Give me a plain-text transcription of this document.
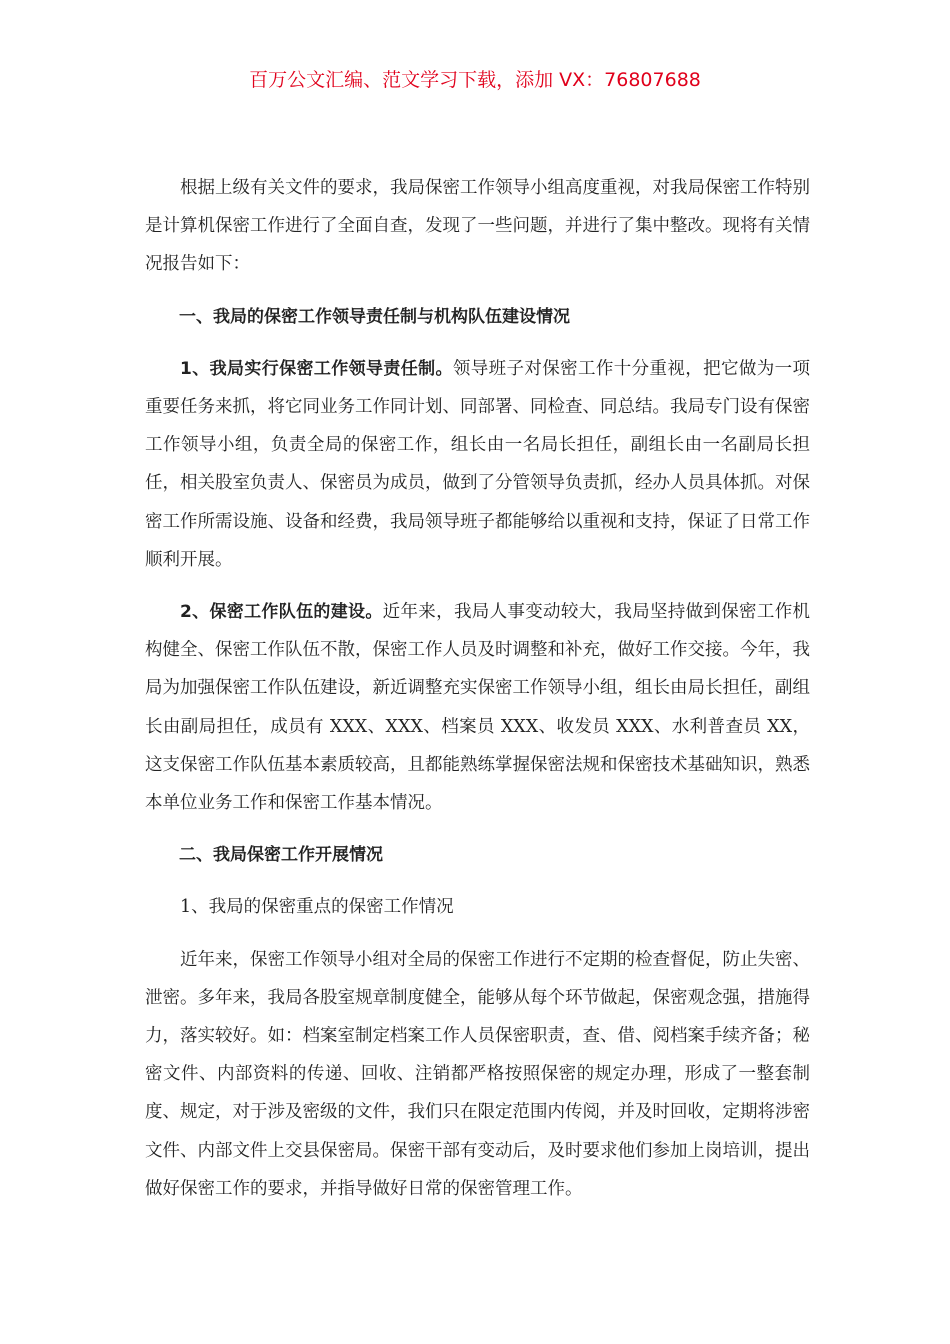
百万公文汇编、范文学习下载，添加 VX：76807688

根据上级有关文件的要求，我局保密工作领导小组高度重视，对我局保密工作特别是计算机保密工作进行了全面自查，发现了一些问题，并进行了集中整改。现将有关情况报告如下：

一、我局的保密工作领导责任制与机构队伍建设情况

1、我局实行保密工作领导责任制。领导班子对保密工作十分重视，把它做为一项重要任务来抓，将它同业务工作同计划、同部署、同检查、同总结。我局专门设有保密工作领导小组，负责全局的保密工作，组长由一名局长担任，副组长由一名副局长担任，相关股室负责人、保密员为成员，做到了分管领导负责抓，经办人员具体抓。对保密工作所需设施、设备和经费，我局领导班子都能够给以重视和支持，保证了日常工作顺利开展。

2、保密工作队伍的建设。近年来，我局人事变动较大，我局坚持做到保密工作机构健全、保密工作队伍不散，保密工作人员及时调整和补充，做好工作交接。今年，我局为加强保密工作队伍建设，新近调整充实保密工作领导小组，组长由局长担任，副组长由副局担任，成员有 XXX、XXX、档案员 XXX、收发员 XXX、水利普查员 XX，这支保密工作队伍基本素质较高，且都能熟练掌握保密法规和保密技术基础知识，熟悉本单位业务工作和保密工作基本情况。

二、我局保密工作开展情况

1、我局的保密重点的保密工作情况

近年来，保密工作领导小组对全局的保密工作进行不定期的检查督促，防止失密、泄密。多年来，我局各股室规章制度健全，能够从每个环节做起，保密观念强，措施得力，落实较好。如：档案室制定档案工作人员保密职责，查、借、阅档案手续齐备；秘密文件、内部资料的传递、回收、注销都严格按照保密的规定办理，形成了一整套制度、规定，对于涉及密级的文件，我们只在限定范围内传阅，并及时回收，定期将涉密文件、内部文件上交县保密局。保密干部有变动后，及时要求他们参加上岗培训，提出做好保密工作的要求，并指导做好日常的保密管理工作。
